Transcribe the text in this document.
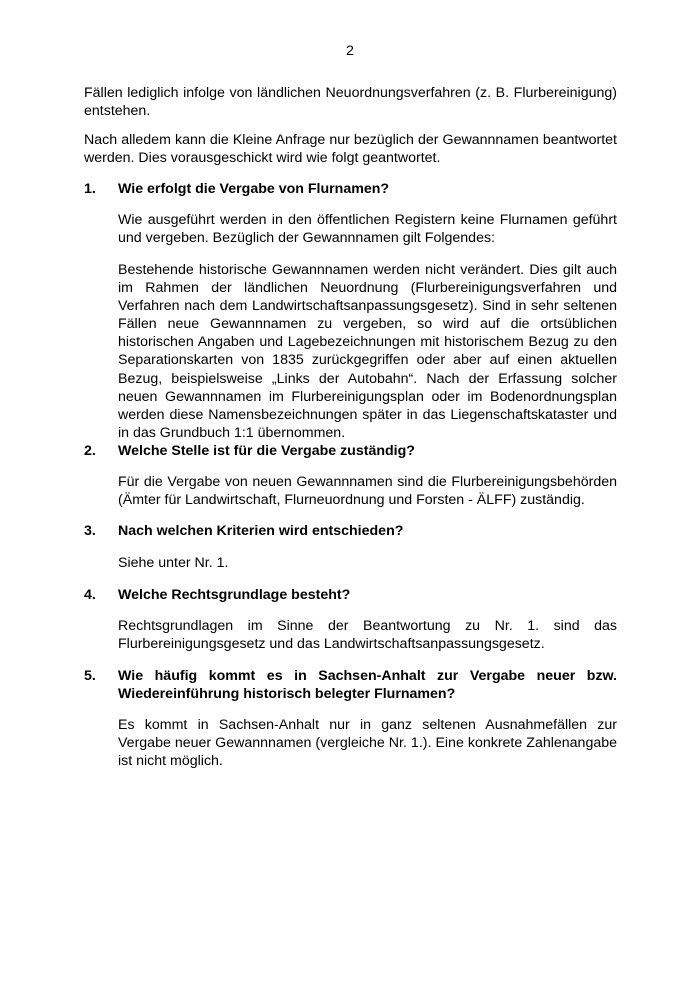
2

Fällen lediglich infolge von ländlichen Neuordnungsverfahren (z. B. Flurbereinigung) entstehen.

Nach alledem kann die Kleine Anfrage nur bezüglich der Gewannnamen beantwortet werden. Dies vorausgeschickt wird wie folgt geantwortet.

1. Wie erfolgt die Vergabe von Flurnamen?

Wie ausgeführt werden in den öffentlichen Registern keine Flurnamen geführt und vergeben. Bezüglich der Gewannnamen gilt Folgendes:

Bestehende historische Gewannnamen werden nicht verändert. Dies gilt auch im Rahmen der ländlichen Neuordnung (Flurbereinigungsverfahren und Verfahren nach dem Landwirtschaftsanpassungsgesetz). Sind in sehr seltenen Fällen neue Gewannnamen zu vergeben, so wird auf die ortsüblichen historischen Angaben und Lagebezeichnungen mit historischem Bezug zu den Separationskarten von 1835 zurückgegriffen oder aber auf einen aktuellen Bezug, beispielsweise „Links der Autobahn“. Nach der Erfassung solcher neuen Gewannnamen im Flurbereinigungsplan oder im Bodenordnungsplan werden diese Namensbezeichnungen später in das Liegenschaftskataster und in das Grundbuch 1:1 übernommen.

2. Welche Stelle ist für die Vergabe zuständig?

Für die Vergabe von neuen Gewannnamen sind die Flurbereinigungsbehörden (Ämter für Landwirtschaft, Flurneuordnung und Forsten - ÄLFF) zuständig.

3. Nach welchen Kriterien wird entschieden?

Siehe unter Nr. 1.

4. Welche Rechtsgrundlage besteht?

Rechtsgrundlagen im Sinne der Beantwortung zu Nr. 1. sind das Flurbereinigungsgesetz und das Landwirtschaftsanpassungsgesetz.

5. Wie häufig kommt es in Sachsen-Anhalt zur Vergabe neuer bzw. Wiedereinführung historisch belegter Flurnamen?

Es kommt in Sachsen-Anhalt nur in ganz seltenen Ausnahmefällen zur Vergabe neuer Gewannnamen (vergleiche Nr. 1.). Eine konkrete Zahlenangabe ist nicht möglich.
